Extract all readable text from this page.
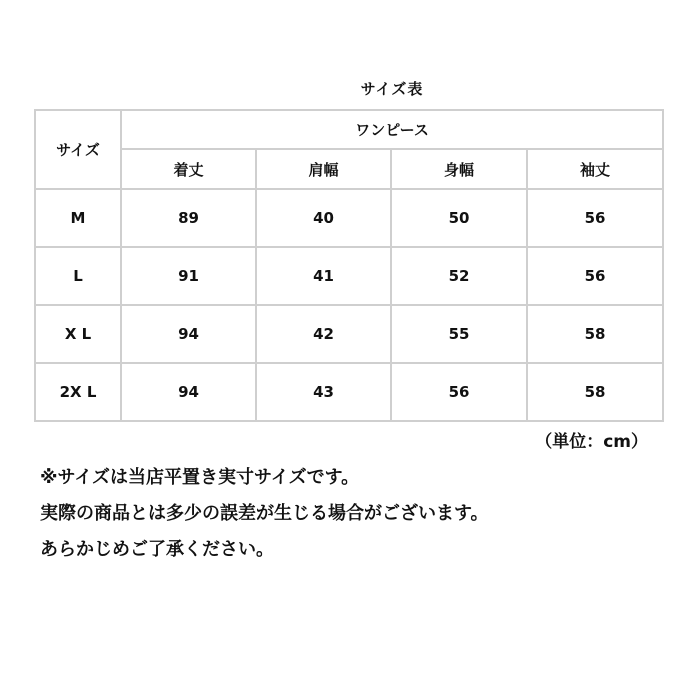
サイズ表
サイズ	ワンピース			
	着丈	肩幅	身幅	袖丈
M	89	40	50	56
L	91	41	52	56
X L	94	42	55	58
2X L	94	43	56	58
（単位：cm）
※サイズは当店平置き実寸サイズです。
実際の商品とは多少の誤差が生じる場合がございます。
あらかじめご了承ください。
